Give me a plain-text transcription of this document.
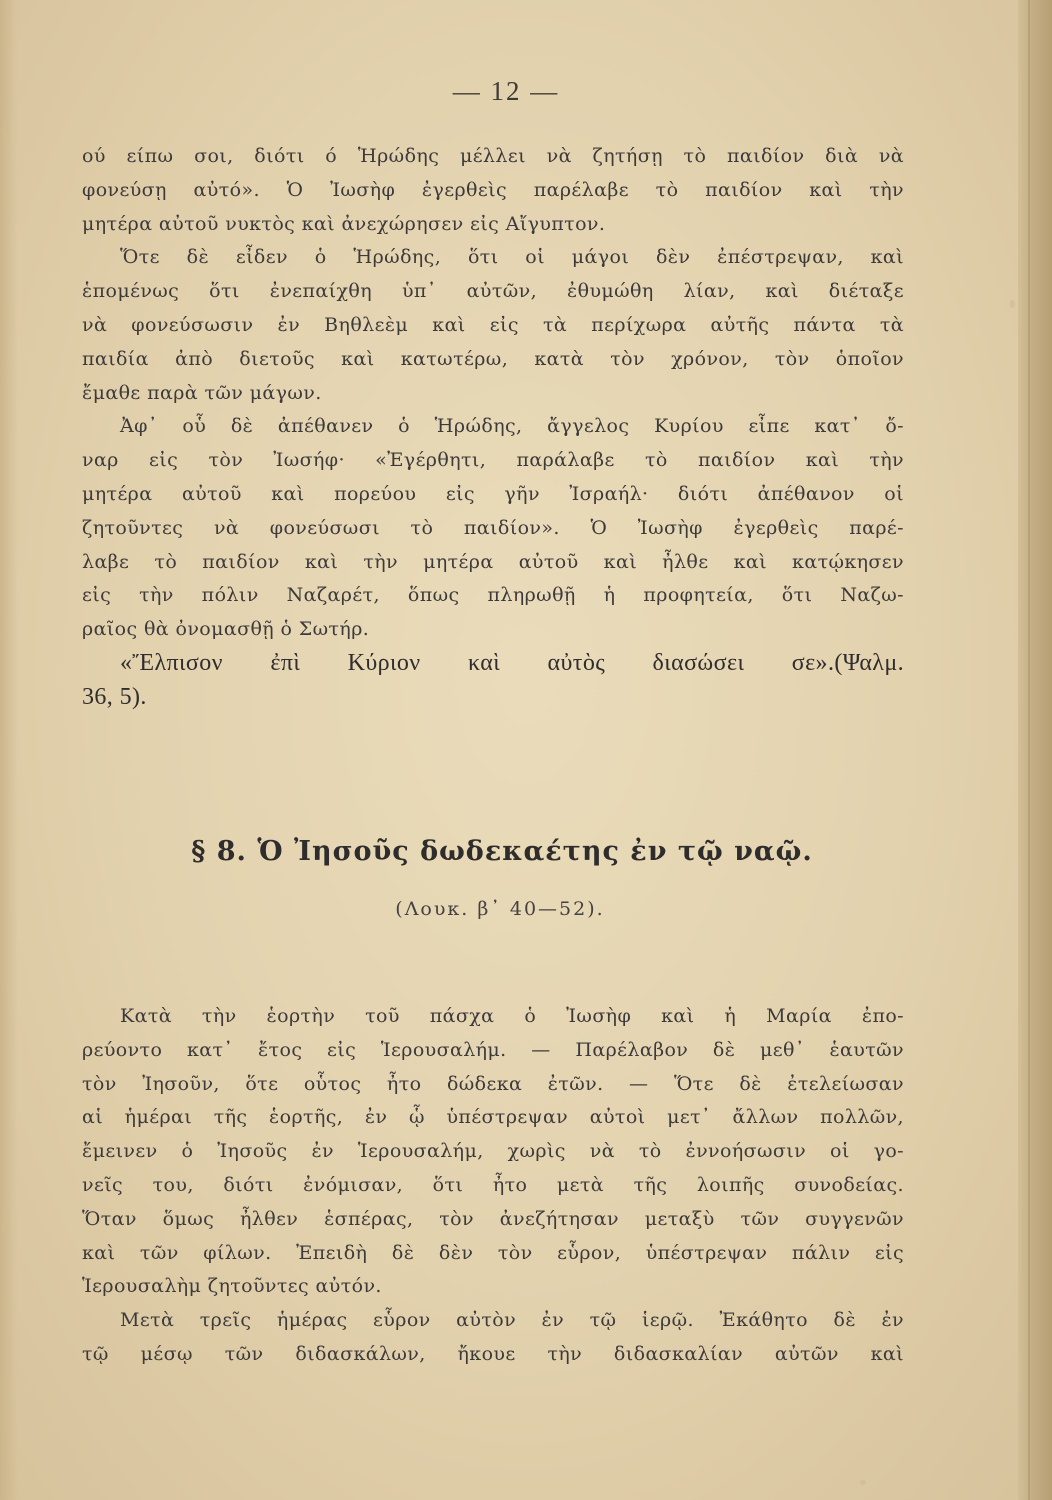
— 12 —
ού είπω σοι, διότι ό Ἡρώδης μέλλει νὰ ζητήσῃ τὸ παιδίον διὰ νὰ
φονεύσῃ αὐτό». Ὁ Ἰωσὴφ ἐγερθεὶς παρέλαβε τὸ παιδίον καὶ τὴν
μητέρα αὐτοῦ νυκτὸς καὶ ἀνεχώρησεν εἰς Αἴγυπτον.
Ὅτε δὲ εἶδεν ὁ Ἡρώδης, ὅτι οἱ μάγοι δὲν ἐπέστρεψαν, καὶ
ἑπομένως ὅτι ἐνεπαίχθη ὑπ᾽ αὐτῶν, ἐθυμώθη λίαν, καὶ διέταξε
νὰ φονεύσωσιν ἐν Βηθλεὲμ καὶ εἰς τὰ περίχωρα αὐτῆς πάντα τὰ
παιδία ἀπὸ διετοῦς καὶ κατωτέρω, κατὰ τὸν χρόνον, τὸν ὁποῖον
ἔμαθε παρὰ τῶν μάγων.
Ἀφ᾽ οὗ δὲ ἀπέθανεν ὁ Ἡρώδης, ἄγγελος Κυρίου εἶπε κατ᾽ ὄ-
ναρ εἰς τὸν Ἰωσήφ· «Ἐγέρθητι, παράλαβε τὸ παιδίον καὶ τὴν
μητέρα αὐτοῦ καὶ πορεύου εἰς γῆν Ἰσραήλ· διότι ἀπέθανον οἱ
ζητοῦντες νὰ φονεύσωσι τὸ παιδίον». Ὁ Ἰωσὴφ ἐγερθεὶς παρέ-
λαβε τὸ παιδίον καὶ τὴν μητέρα αὐτοῦ καὶ ἦλθε καὶ κατῴκησεν
εἰς τὴν πόλιν Ναζαρέτ, ὅπως πληρωθῇ ἡ προφητεία, ὅτι Ναζω-
ραῖος θὰ ὀνομασθῇ ὁ Σωτήρ.
«Ἔλπισον ἐπὶ Κύριον καὶ αὐτὸς διασώσει σε».(Ψαλμ.
36, 5).
§ 8. Ὁ Ἰησοῦς δωδεκαέτης ἐν τῷ ναῷ.
(Λουκ. β᾽ 40—52).
Κατὰ τὴν ἑορτὴν τοῦ πάσχα ὁ Ἰωσὴφ καὶ ἡ Μαρία ἐπο-
ρεύοντο κατ᾽ ἔτος εἰς Ἱερουσαλήμ. — Παρέλαβον δὲ μεθ᾽ ἑαυτῶν
τὸν Ἰησοῦν, ὅτε οὗτος ἦτο δώδεκα ἐτῶν. — Ὅτε δὲ ἐτελείωσαν
αἱ ἡμέραι τῆς ἑορτῆς, ἐν ᾧ ὑπέστρεψαν αὐτοὶ μετ᾽ ἄλλων πολλῶν,
ἔμεινεν ὁ Ἰησοῦς ἐν Ἱερουσαλήμ, χωρὶς νὰ τὸ ἐννοήσωσιν οἱ γο-
νεῖς του, διότι ἐνόμισαν, ὅτι ἦτο μετὰ τῆς λοιπῆς συνοδείας.
Ὅταν ὅμως ἦλθεν ἑσπέρας, τὸν ἀνεζήτησαν μεταξὺ τῶν συγγενῶν
καὶ τῶν φίλων. Ἐπειδὴ δὲ δὲν τὸν εὗρον, ὑπέστρεψαν πάλιν εἰς
Ἱερουσαλὴμ ζητοῦντες αὐτόν.
Μετὰ τρεῖς ἡμέρας εὗρον αὐτὸν ἐν τῷ ἱερῷ. Ἐκάθητο δὲ ἐν
τῷ μέσῳ τῶν διδασκάλων, ἤκουε τὴν διδασκαλίαν αὐτῶν καὶ
